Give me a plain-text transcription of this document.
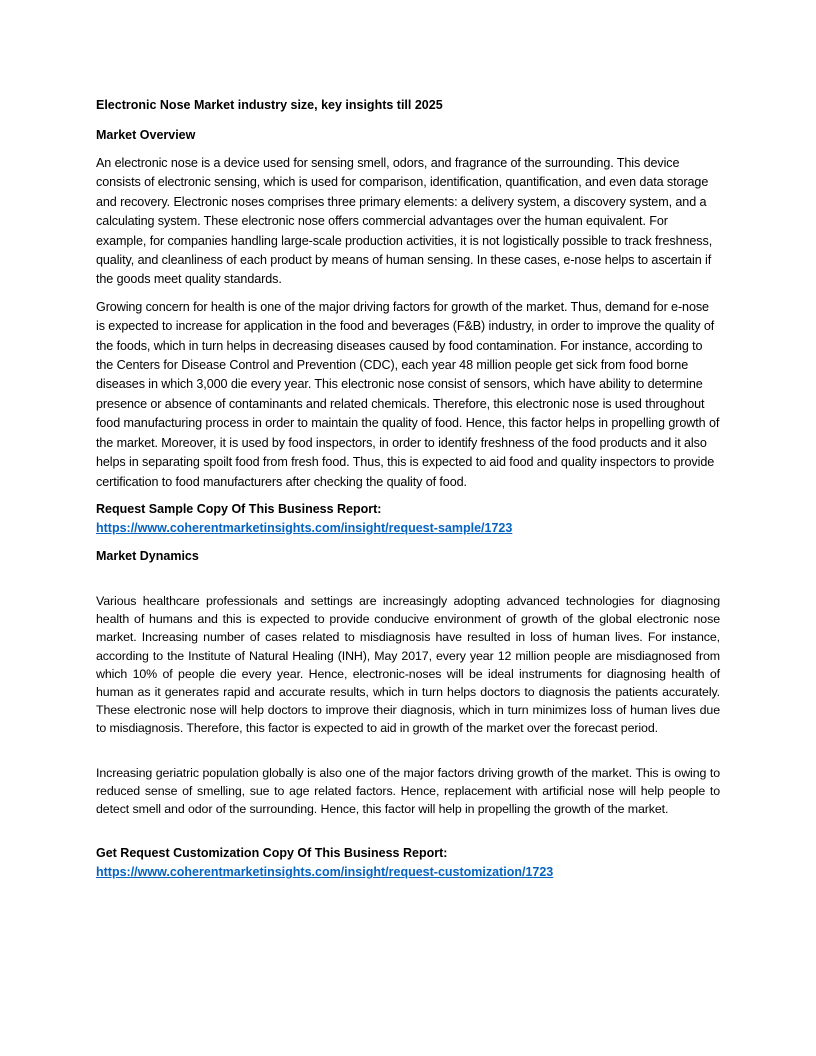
Electronic Nose Market industry size, key insights till 2025
Market Overview

An electronic nose is a device used for sensing smell, odors, and fragrance of the surrounding. This device consists of electronic sensing, which is used for comparison, identification, quantification, and even data storage and recovery. Electronic noses comprises three primary elements: a delivery system, a discovery system, and a calculating system. These electronic nose offers commercial advantages over the human equivalent. For example, for companies handling large-scale production activities, it is not logistically possible to track freshness, quality, and cleanliness of each product by means of human sensing. In these cases, e-nose helps to ascertain if the goods meet quality standards.

Growing concern for health is one of the major driving factors for growth of the market. Thus, demand for e-nose is expected to increase for application in the food and beverages (F&B) industry, in order to improve the quality of the foods, which in turn helps in decreasing diseases caused by food contamination. For instance, according to the Centers for Disease Control and Prevention (CDC), each year 48 million people get sick from food borne diseases in which 3,000 die every year. This electronic nose consist of sensors, which have ability to determine presence or absence of contaminants and related chemicals. Therefore, this electronic nose is used throughout food manufacturing process in order to maintain the quality of food. Hence, this factor helps in propelling growth of the market. Moreover, it is used by food inspectors, in order to identify freshness of the food products and it also helps in separating spoilt food from fresh food. Thus, this is expected to aid food and quality inspectors to provide certification to food manufacturers after checking the quality of food.

Request Sample Copy Of This Business Report:
https://www.coherentmarketinsights.com/insight/request-sample/1723
Market Dynamics

Various healthcare professionals and settings are increasingly adopting advanced technologies for diagnosing health of humans and this is expected to provide conducive environment of growth of the global electronic nose market. Increasing number of cases related to misdiagnosis have resulted in loss of human lives. For instance, according to the Institute of Natural Healing (INH), May 2017, every year 12 million people are misdiagnosed from which 10% of people die every year. Hence, electronic-noses will be ideal instruments for diagnosing health of human as it generates rapid and accurate results, which in turn helps doctors to diagnosis the patients accurately. These electronic nose will help doctors to improve their diagnosis, which in turn minimizes loss of human lives due to misdiagnosis. Therefore, this factor is expected to aid in growth of the market over the forecast period.

Increasing geriatric population globally is also one of the major factors driving growth of the market. This is owing to reduced sense of smelling, sue to age related factors. Hence, replacement with artificial nose will help people to detect smell and odor of the surrounding. Hence, this factor will help in propelling the growth of the market.

Get Request Customization Copy Of This Business Report:
https://www.coherentmarketinsights.com/insight/request-customization/1723
